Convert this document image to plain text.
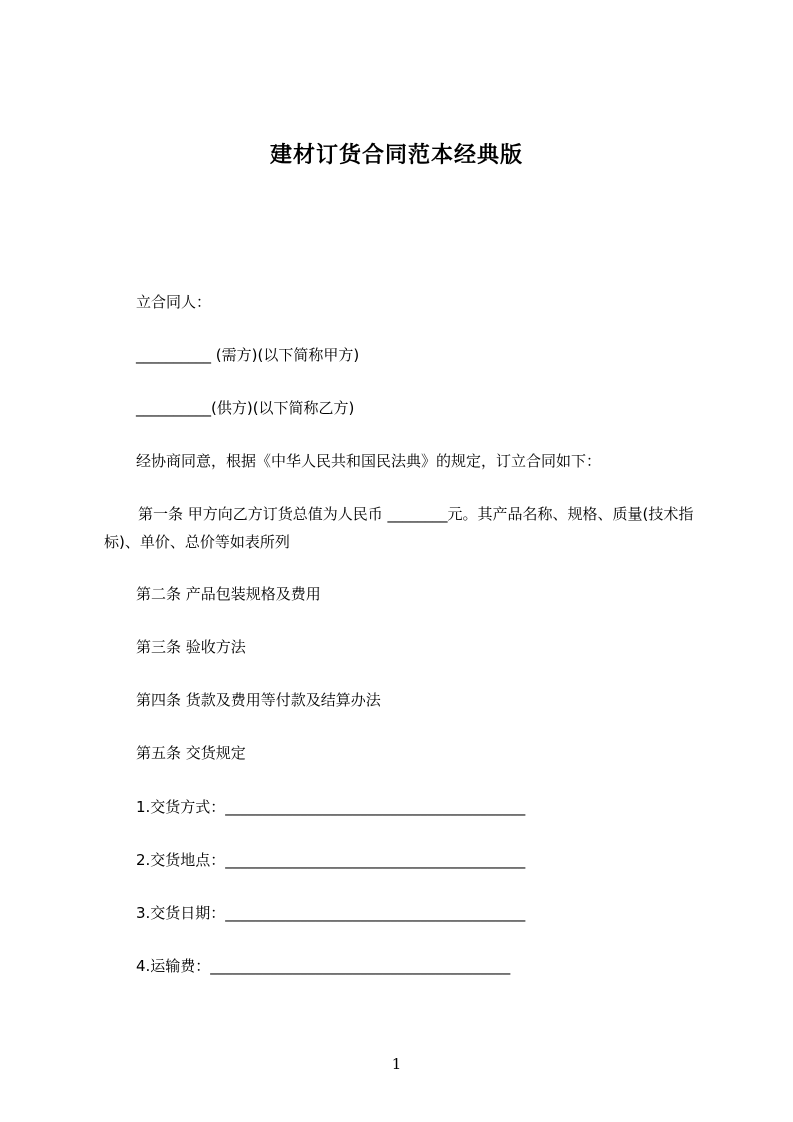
建材订货合同范本经典版
立合同人：
__________ (需方)(以下简称甲方)
__________(供方)(以下简称乙方)
经协商同意，根据《中华人民共和国民法典》的规定，订立合同如下：
第一条 甲方向乙方订货总值为人民币 ________元。其产品名称、规格、质量(技术指标)、单价、总价等如表所列
第二条 产品包装规格及费用
第三条 验收方法
第四条 货款及费用等付款及结算办法
第五条 交货规定
1.交货方式：________________________________________
2.交货地点：________________________________________
3.交货日期：________________________________________
4.运输费：________________________________________
1
